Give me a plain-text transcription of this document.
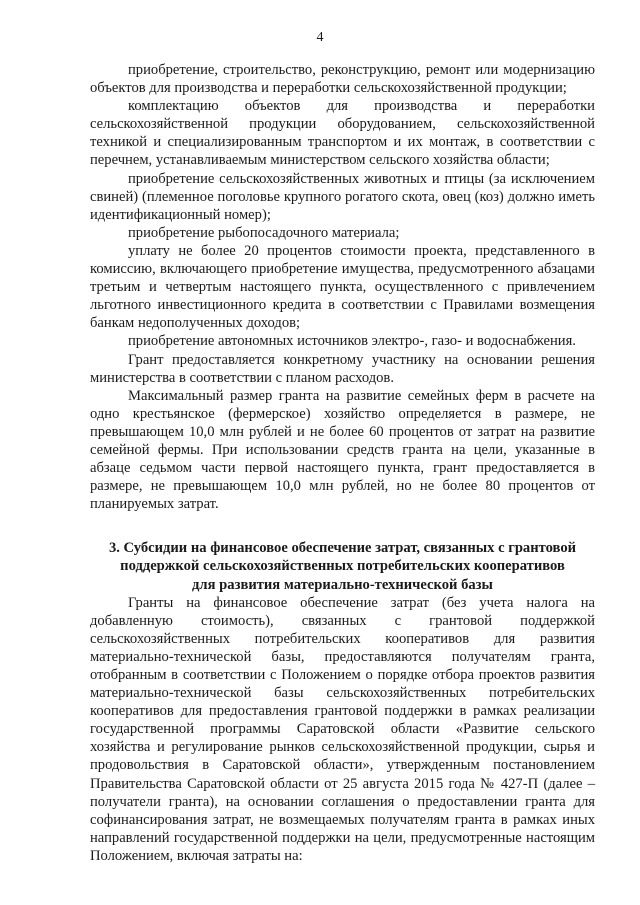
4

приобретение, строительство, реконструкцию, ремонт или модернизацию объектов для производства и переработки сельскохозяйственной продукции;

комплектацию объектов для производства и переработки сельскохозяйственной продукции оборудованием, сельскохозяйственной техникой и специализированным транспортом и их монтаж, в соответствии с перечнем, устанавливаемым министерством сельского хозяйства области;

приобретение сельскохозяйственных животных и птицы (за исключением свиней) (племенное поголовье крупного рогатого скота, овец (коз) должно иметь идентификационный номер);

приобретение рыбопосадочного материала;

уплату не более 20 процентов стоимости проекта, представленного в комиссию, включающего приобретение имущества, предусмотренного абзацами третьим и четвертым настоящего пункта, осуществленного с привлечением льготного инвестиционного кредита в соответствии с Правилами возмещения банкам недополученных доходов;

приобретение автономных источников электро-, газо- и водоснабжения.

Грант предоставляется конкретному участнику на основании решения министерства в соответствии с планом расходов.

Максимальный размер гранта на развитие семейных ферм в расчете на одно крестьянское (фермерское) хозяйство определяется в размере, не превышающем 10,0 млн рублей и не более 60 процентов от затрат на развитие семейной фермы. При использовании средств гранта на цели, указанные в абзаце седьмом части первой настоящего пункта, грант предоставляется в размере, не превышающем 10,0 млн рублей, но не более 80 процентов от планируемых затрат.

3. Субсидии на финансовое обеспечение затрат, связанных с грантовой
поддержкой сельскохозяйственных потребительских кооперативов
для развития материально-технической базы

Гранты на финансовое обеспечение затрат (без учета налога на добавленную стоимость), связанных с грантовой поддержкой сельскохозяйственных потребительских кооперативов для развития материально-технической базы, предоставляются получателям гранта, отобранным в соответствии с Положением о порядке отбора проектов развития материально-технической базы сельскохозяйственных потребительских кооперативов для предоставления грантовой поддержки в рамках реализации государственной программы Саратовской области «Развитие сельского хозяйства и регулирование рынков сельскохозяйственной продукции, сырья и продовольствия в Саратовской области», утвержденным постановлением Правительства Саратовской области от 25 августа 2015 года № 427-П (далее – получатели гранта), на основании соглашения о предоставлении гранта для софинансирования затрат, не возмещаемых получателям гранта в рамках иных направлений государственной поддержки на цели, предусмотренные настоящим Положением, включая затраты на:
